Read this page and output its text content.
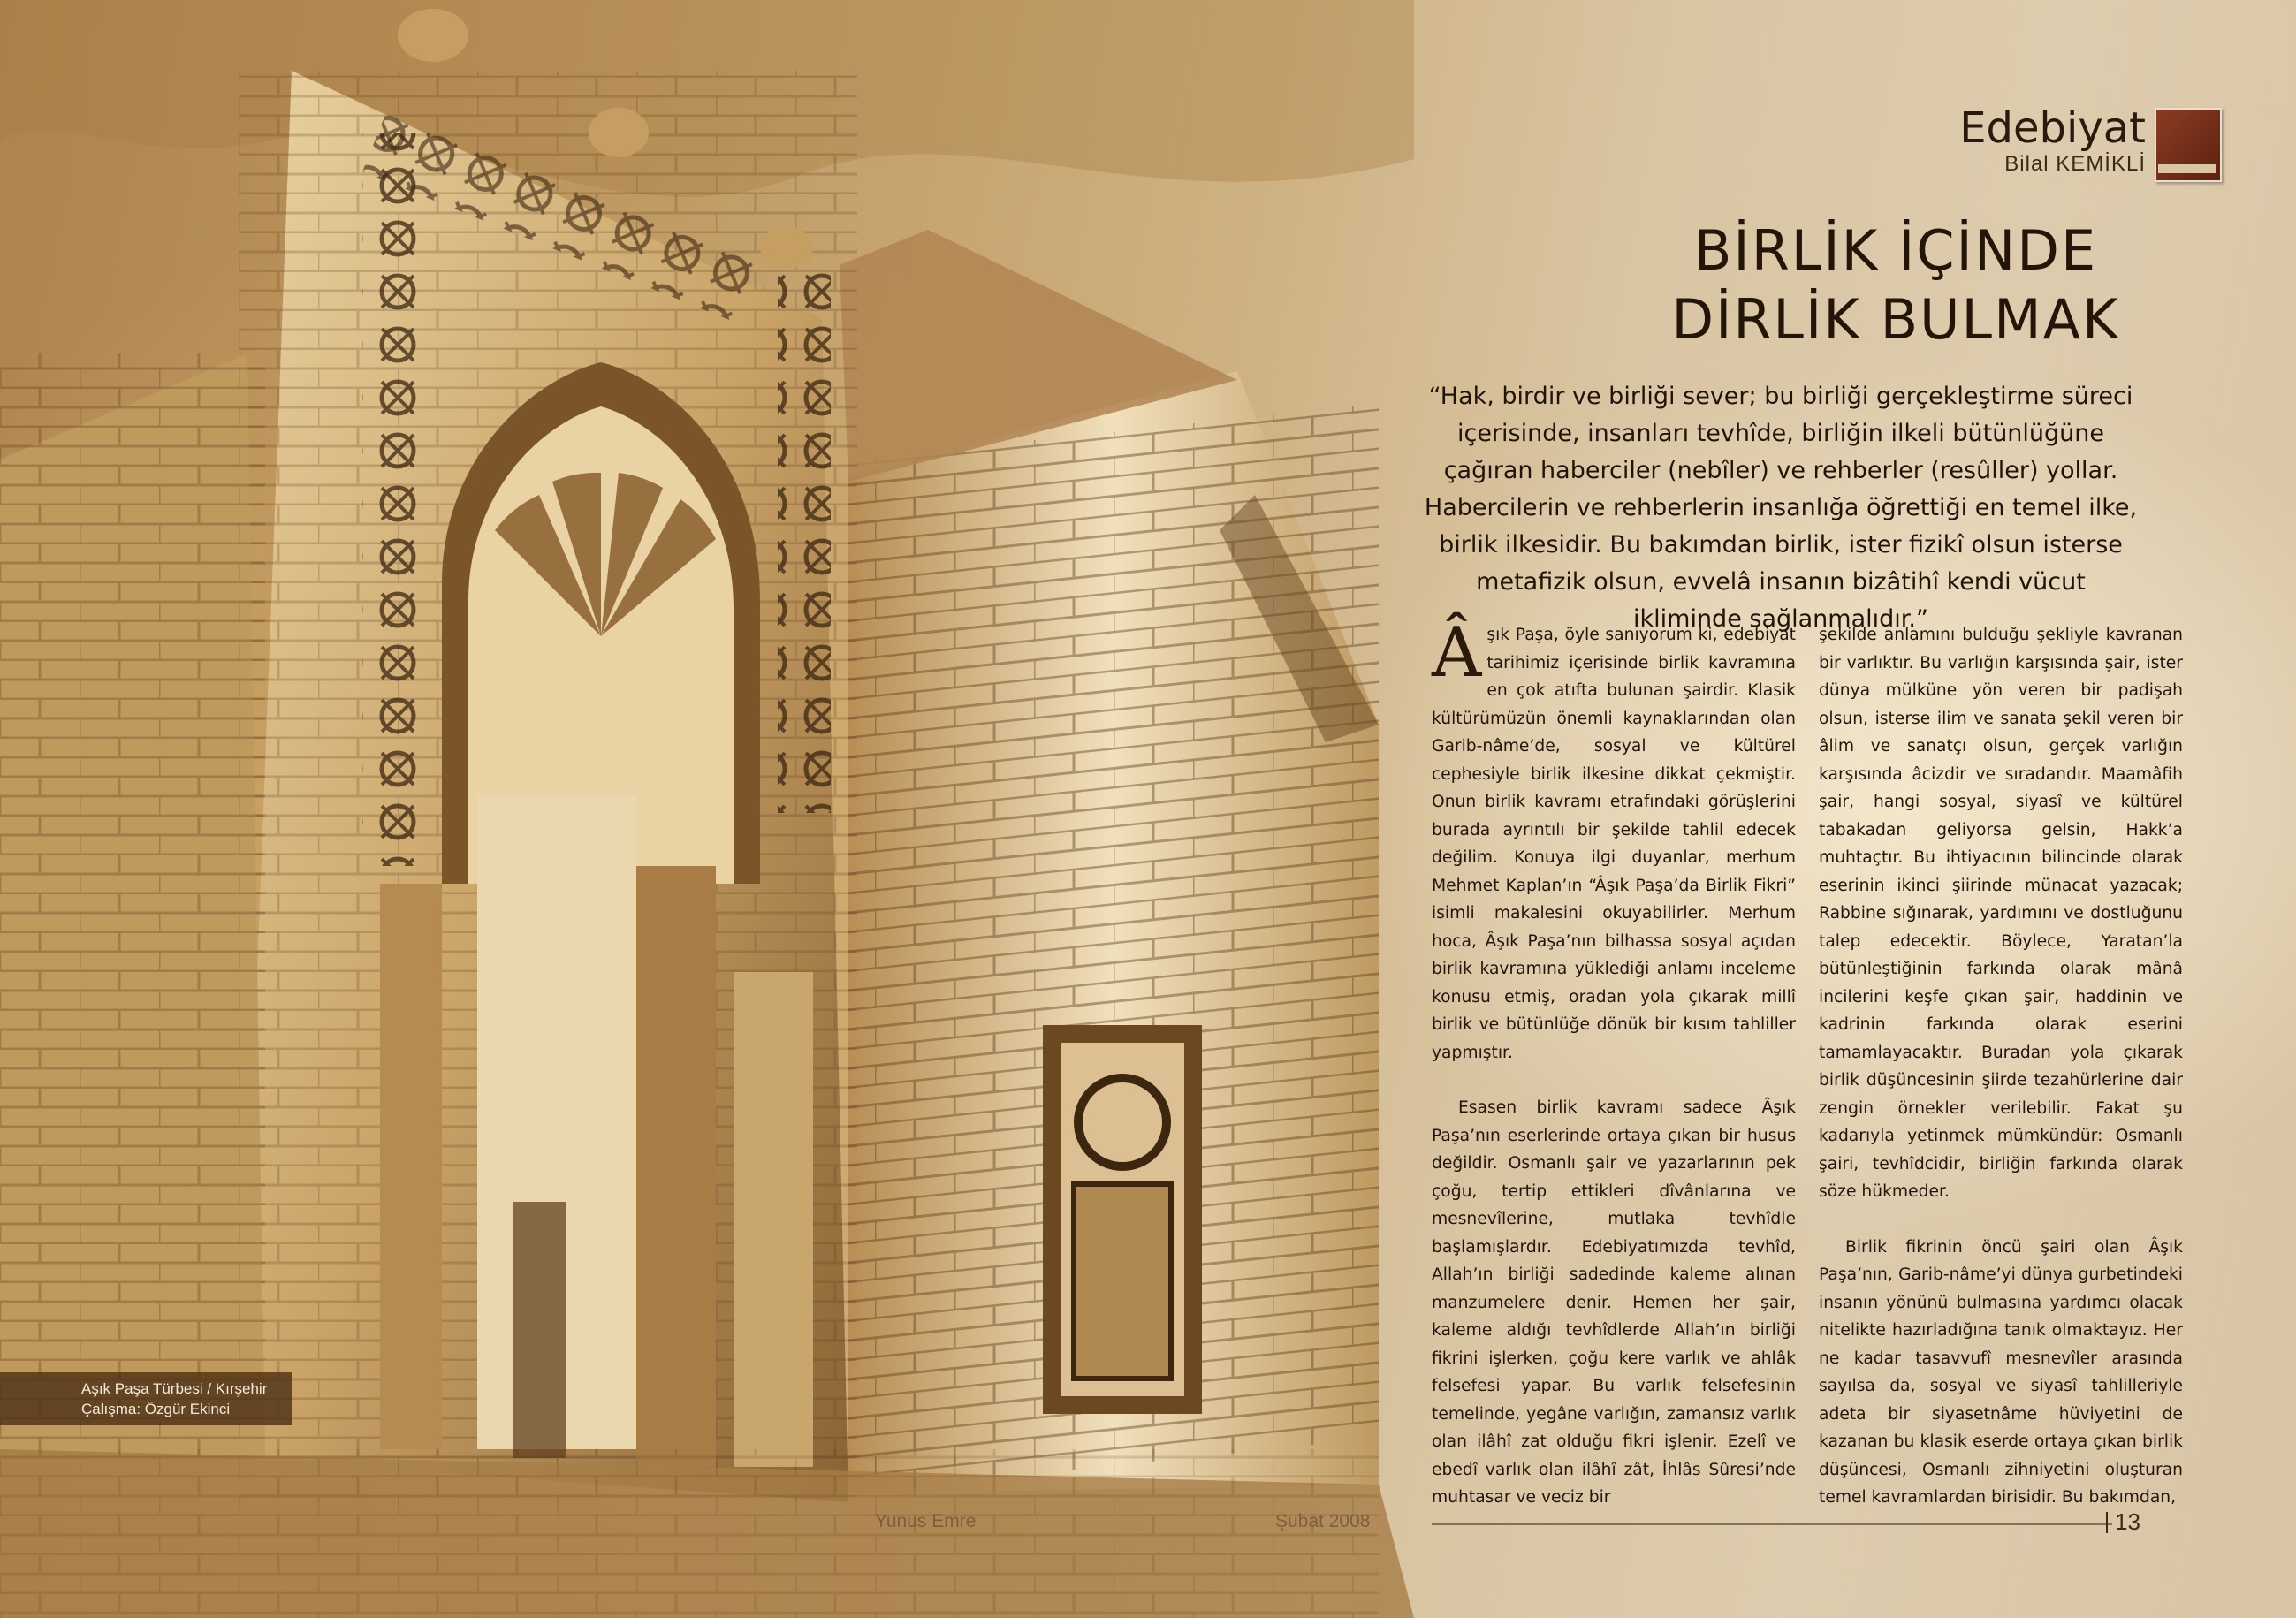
Aşık Paşa Türbesi / Kırşehir
Çalışma: Özgür Ekinci
Edebiyat
Bilal KEMİKLİ
BİRLİK İÇİNDE
DİRLİK BULMAK

“Hak, birdir ve birliği sever; bu birliği gerçekleştirme süreci içerisinde, insanları tevhîde, birliğin ilkeli bütünlüğüne çağıran haberciler (nebîler) ve rehberler (resûller) yollar. Habercilerin ve rehberlerin insanlığa öğrettiği en temel ilke, birlik ilkesidir. Bu bakımdan birlik, ister fizikî olsun isterse metafizik olsun, evvelâ insanın bizâtihî kendi vücut ikliminde sağlanmalıdır.”

Âşık Paşa, öyle sanıyorum ki, edebiyat tarihimiz içerisinde birlik kavramına en çok atıfta bulunan şairdir. Klasik kültürümüzün önemli kaynaklarından olan Garib-nâme’de, sosyal ve kültürel cephesiyle birlik ilkesine dikkat çekmiştir. Onun birlik kavramı etrafındaki görüşlerini burada ayrıntılı bir şekilde tahlil edecek değilim. Konuya ilgi duyanlar, merhum Mehmet Kaplan’ın “Âşık Paşa’da Birlik Fikri” isimli makalesini okuyabilirler. Merhum hoca, Âşık Paşa’nın bilhassa sosyal açıdan birlik kavramına yüklediği anlamı inceleme konusu etmiş, oradan yola çıkarak millî birlik ve bütünlüğe dönük bir kısım tahliller yapmıştır.

Esasen birlik kavramı sadece Âşık Paşa’nın eserlerinde ortaya çıkan bir husus değildir. Osmanlı şair ve yazarlarının pek çoğu, tertip ettikleri dîvânlarına ve mesnevîlerine, mutlaka tevhîdle başlamışlardır. Edebiyatımızda tevhîd, Allah’ın birliği sadedinde kaleme alınan manzumelere denir. Hemen her şair, kaleme aldığı tevhîdlerde Allah’ın birliği fikrini işlerken, çoğu kere varlık ve ahlâk felsefesi yapar. Bu varlık felsefesinin temelinde, yegâne varlığın, zamansız varlık olan ilâhî zat olduğu fikri işlenir. Ezelî ve ebedî varlık olan ilâhî zât, İhlâs Sûresi’nde muhtasar ve veciz bir

şekilde anlamını bulduğu şekliyle kavranan bir varlıktır. Bu varlığın karşısında şair, ister dünya mülküne yön veren bir padişah olsun, isterse ilim ve sanata şekil veren bir âlim ve sanatçı olsun, gerçek varlığın karşısında âcizdir ve sıradandır. Maamâfih şair, hangi sosyal, siyasî ve kültürel tabakadan geliyorsa gelsin, Hakk’a muhtaçtır. Bu ihtiyacının bilincinde olarak eserinin ikinci şiirinde münacat yazacak; Rabbine sığınarak, yardımını ve dostluğunu talep edecektir. Böylece, Yaratan’la bütünleştiğinin farkında olarak mânâ incilerini keşfe çıkan şair, haddinin ve kadrinin farkında olarak eserini tamamlayacaktır. Buradan yola çıkarak birlik düşüncesinin şiirde tezahürlerine dair zengin örnekler verilebilir. Fakat şu kadarıyla yetinmek mümkündür: Osmanlı şairi, tevhîdcidir, birliğin farkında olarak söze hükmeder.

Birlik fikrinin öncü şairi olan Âşık Paşa’nın, Garib-nâme’yi dünya gurbetindeki insanın yönünü bulmasına yardımcı olacak nitelikte hazırladığına tanık olmaktayız. Her ne kadar tasavvufî mesnevîler arasında sayılsa da, sosyal ve siyasî tahlilleriyle adeta bir siyasetnâme hüviyetini de kazanan bu klasik eserde ortaya çıkan birlik düşüncesi, Osmanlı zihniyetini oluşturan temel kavramlardan birisidir. Bu bakımdan,

Yunus Emre	Şubat 2008	13
